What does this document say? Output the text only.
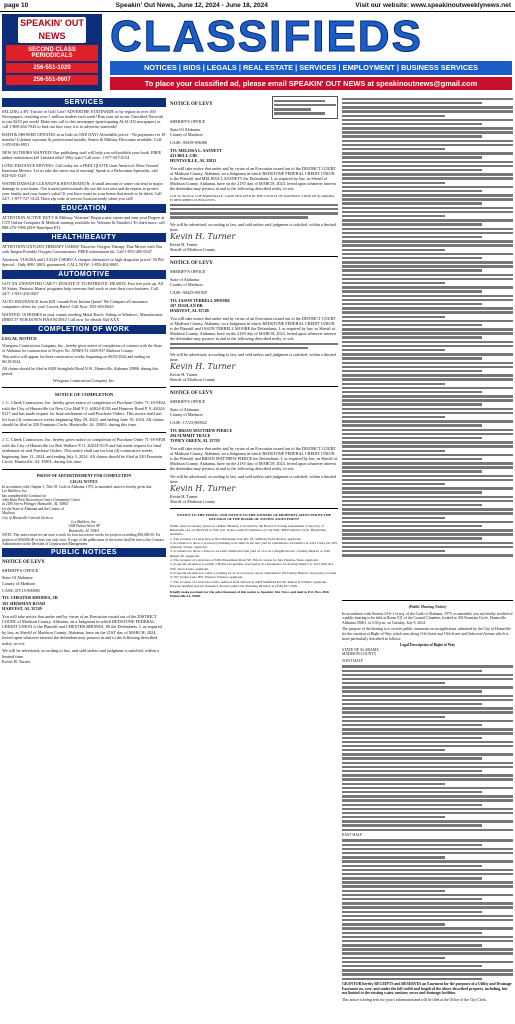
page 10	Speakin' Out News, June 12, 2024 - June 18, 2024	Visit our website: www.speakinoutweeklynews.net
SPEAKIN' OUT NEWS
SECOND CLASS PERIODICALS
256-551-1020
256-551-0607
CLASSIFIEDS
NOTICES | BIDS | LEGALS | REAL ESTATE | SERVICES | EMPLOYMENT | BUSINESS SERVICES
To place your classified ad, please email SPEAKIN' OUT NEWS at speakinoutnews@gmail.com
SERVICES
SELLING a RV, Tractor or Golf Cart? ADVERTISE STATEWIDE or by region in over 100 Newspapers, reaching over 1 million readers each week! Run your ad in our Classified Network to just $210 per week! Make one call to this newspaper (participating ALSCAN newspaper) or call 1-800-264-7043 to find out how easy it is to advertise statewide!
BATH & SHOWER UPDATES in as little as ONE DAY! Affordable prices - No payments for 18 months! Lifetime warranty & professional installs. Senior & Military Discounts available. Call: 1-855-836-0951
NEW AUTHORS WANTED! Our publishing staff will help you self-publish your book. FREE author submission kit! Limited offer! Why wait? Call now: 1-877-567-6154
LONG DISTANCE MOVING: Call today for a FREE QUOTE from America's Most Trusted Interstate Movers. Let us take the stress out of moving! Speak to a Relocation Specialist, call 844-925-3529
WATER DAMAGE CLEANUP & RESTORATION: A small amount of water can lead to major damage in your home. Our trusted professionals dry out the wet area and do repairs to protect your family and your home's value! If you have water in your home that needs to be dried, Call 24/7: 1-877-727-3144. Have zip code of service location ready when you call!
EDUCATION
ATTENTION ACTIVE DUTY & Military Veterans! Begin a new career and earn your Degree at CTI! Online Computer & Medical training available for Veterans & Families! To learn more, call 888-276-7096 (M-F 8am-6pm ET).
HEALTH/BEAUTY
ATTENTION OXYGEN THERAPY USERS! Discover Oxygen Therapy That Moves with You with Inogen Portable Oxygen Concentrators. FREE information kit. Call 1-855-405-6547
Attention: VIAGRA and CIALIS USERS! A cheaper alternative to high drugstore prices! 50 Pill Special - Only $99! 100% guaranteed. CALL NOW: 1-855-402-0005
AUTOMOTIVE
GOT AN UNWANTED CAR??? DONATE IT TO PATRIOTIC HEARTS. Fast free pick up. All 50 States. Patriotic Hearts' programs help veterans find work or start their own business. Call 24/7: 1-855-416-0027
AUTO INSURANCE from $29 / month Free Instant Quote! We Compare all insurance companies offers for you! Lowest Rates! Call Now: 855-403-0043
WANTED: 10 HOMES in your county needing Metal Roofs, Siding or Windows. Manufacturer DIRECT! NO$ DOWN FINANCING! Call now for details 844-XXX
COMPLETION OF WORK
LEGAL NOTICE
Wiregrass Construction Company, Inc., hereby gives notice of completion of contract with the State of Alabama for construction of Project No. ATRP2-51-2020-937 Madison County.
This notice will appear for three consecutive weeks, beginning on 06/05/2024 and ending on 06/19/2024.
All claims should be filed at 6200 Stringfield Road N.W., Huntsville, Alabama 35806, during this period.
Wiregrass Construction Company, Inc.
NOTICE OF COMPLETION
J. C. Cheek Contractors, Inc. hereby gives notice of completion of Purchase Order 71-18-SP24 with the City of Huntsville for New City Hall P. 0. #2024-0138 and Hanover Road P. 0. #2024-0127 and has made request for final settlement of said Purchase Orders. This notice shall run for four (4) consecutive weeks beginning May 29, 2024, and ending June 19, 2024. All claims should be filed at 320 Fountain Circle, Huntsville, AL 35801, during this time.
J. C. Cheek Contractors, Inc. hereby gives notice of completion of Purchase Order 71-18-SP28 with the City of Huntsville for Bob Wallace P. O. #2024-0119 and has made request for final settlement of said Purchase Orders. This notice shall run for four (4) consecutive weeks beginning June 12, 2024, and ending July 3, 2024. All claims should be filed at 320 Fountain Circle, Huntsville, AL 35801, during this time.
PROOF OF ADVERTISEMENT FOR COMPLETION
LEGAL NOTICE
In accordance with Chapter 1, Title 39, Code of Alabama, 1975, as amended, notice is hereby given that
Lee Builders, Inc.
has completed the Contract for
John Hunt Park Recreation Center Community Center
at 2180 Sierra Pittinger Huntsville, AL 35804
for the State of Alabama and the County of
Madison
City of Huntsville General Services
Lee Builders, Inc.
1044 Fulton Street SP
Huntsville, AL 35801
NOTE: This notice must be run once a week for four successive weeks for projects exceeding $50,000.00. For projects of $50,000.00 or less, run only once. A copy of the publication of the notice shall be sent to the Contract Administrator at the Division of Construction Management.
PUBLIC NOTICES
NOTICE OF LEVY
SHERIFF'S OFFICE
State Of Alabama
County of Madison
CASE: DV15-900085
TO: CHESTER RHODES, JR
103 SHERMAN ROAD
HARVEST, AL 35749
You will take notice that under and by virtue of an Execution issued out of the DISTRICT COURT of Madison County, Alabama, on a Judgment in which REDSTONE FEDERAL CREDIT UNION is the Plaintiff and CHESTER RHODES, JR the Defendants, I, as required by law, as Sheriff of Madison County, Alabama, have on the 21ST day of MARCH, 2024, levied upon whatever interest the defendant may possess in and to the following described realty, to-wit:
We will be advertised, according to law, and sold unless said judgment is satisfied, within a limited time.
Kevin H. Turner
NOTICE OF LEVY
SHERIFF'S OFFICE
State Of Alabama
County of Madison
CASE: SM19-906306
TO: MELISSA L. SASNETT
433 BELL CIR
HUNTSVILLE, AL 35811
You will take notice that under and by virtue of an Execution issued out of the DISTRICT COURT of Madison County, Alabama, on a Judgment in which REDSTONE FEDERAL CREDIT UNION is the Plaintiff and MELISSA L SASNETT the Defendants, I, as required by law, as Sheriff of Madison County, Alabama, have on the 21ST day of MARCH, 2024, levied upon whatever interest the defendant may possess in and to the following described realty, to-wit:
LOT 32, BLOCK 5 OF BARKSDALE, LAND SITUATED IN THE COUNTY OF MADISON, STATE OF ALABAMA, IS DESCRIBED AS FOLLOWS...
We will be advertised, according to law, and sold unless said judgment is satisfied, within a limited time.
Kevin H. Turner
Kevin H. Turner
Sheriff of Madison County
NOTICE OF LEVY
SHERIFF'S OFFICE
State of Alabama
County of Madison
CASE: SM23-901839
TO: JASON TERRELL MOORE
107 JESSLAN DR
HARVEST, AL 35749
You will take notice that under and by virtue of an Execution issued out of the DISTRICT COURT of Madison County, Alabama, on a Judgment in which REDSTONE FEDERAL CREDIT UNION is the Plaintiff and JASON TERRELL MOORE the Defendants, I, as required by law, as Sheriff of Madison County, Alabama, have on the 21ST day of MARCH, 2024, levied upon whatever interest the defendant may possess in and to the following described realty, to-wit:
We will be advertised, according to law, and sold unless said judgment is satisfied, within a limited time.
Kevin H. Turner
Kevin H. Turner
Sheriff of Madison County
NOTICE OF LEVY
SHERIFF'S OFFICE
State of Alabama
County of Madison
CASE: CV23-900922
TO: BRIAN MATTHEW PIERCE
294 SUMMIT TRACE
TONEY GREEN, AL 35759
You will take notice that under and by virtue of an Execution issued out of the DISTRICT COURT of Madison County, Alabama, on a Judgment in which REDSTONE FEDERAL CREDIT UNION is the Plaintiff and BRIAN MATTHEW PIERCE the Defendants, I, as required by law, as Sheriff of Madison County, Alabama, have on the 21ST day of MARCH, 2024, levied upon whatever interest the defendant may possess in and to the following described realty, to-wit:
We will be advertised, according to law, and sold unless said judgment is satisfied, within a limited time.
Kevin H. Turner
Kevin H. Turner
Sheriff of Madison County
NOTICE TO THE PUBLIC AND NOTICE TO THE OWNERS OF PROPERTY AFFECTED BY THE DECISION OF THE BOARD OF ZONING ADJUSTMENT
Public notice is hereby given of a Public Hearing to be held by the Board of Zoning Adjustment of the City of Huntsville, AL on 06/25/24 at 5:00 p.m. in the Council Chambers of City Hall, 308 Fountain Circle, Huntsville, Alabama.
1. The location of a structure at 5014 Mountain Gap Rd. SE, William Todd Weaver, applicant.
2. A variance to allow a accessory building to be built in the rear yard in a Residence 2A District at 2413 Caley Dr. NW, Anthony Turner, applicant.
3. A variance to allow a fence to be built within the front yard of a lot in a Neighborhood 1 Zoning District at 1201 Ringer Dr. Applicant.
4. The location of a structure at 3304 Monument Road SE, Eris R. Lewis for Isla Thomas-Taste, applicant.
5. A special exception to permit a Home Occupation on property in a Residence 1A Zoning District at 3101 Dell Ave NW, Jason Jones, applicant.
6. A special exception to allow a parking lot as an accessory use in a Residence 1B Zoning District on property located at 707 Jordan Lane NW, Eleanor Scheuer, applicant.
7. The location of a structure with a reduced front setback at 2403 Sheffield Rd SE, Robert P. Schultz, applicant.
Persons needing special assistance should contact the Planning Division at (256) 427-5100.
Kindly make payment for the advertisement of this notice to Speakin' Out News and mail to P.O. Box 2826 Huntsville AL 35804
(Public Hearing Notice)
In accordance with Section 23-6-1 et seq. of the Code of Alabama, 1975, as amended, you are hereby notified of a public hearing to be held at Room 911 of the Council Chamber, located at 303 Fountain Circle, Huntsville, Alabama 35801, at 5:30 p.m. on Tuesday, July 9, 2024.
The purpose of the hearing is to receive public comments on an application submitted by the City of Huntsville for the vacation of Right-of-Way which runs along 11th Street and 15th Street and Oakwood Avenue which is more particularly described as follows:
Legal Description of Right of Way
STATE OF ALABAMA
MADISON COUNTY
WEST HALF
EAST HALF
GRANTOR hereby RECEIPTS and RESERVES an Easement for the purposes of a Utility and Drainage Easement on, over, and under the full width and length of the above described property, including, but not limited to the existing water, sanitary sewer and drainage facilities.
This notice is being sent for (your) information and will be filed at the Office of the City Clerk.
